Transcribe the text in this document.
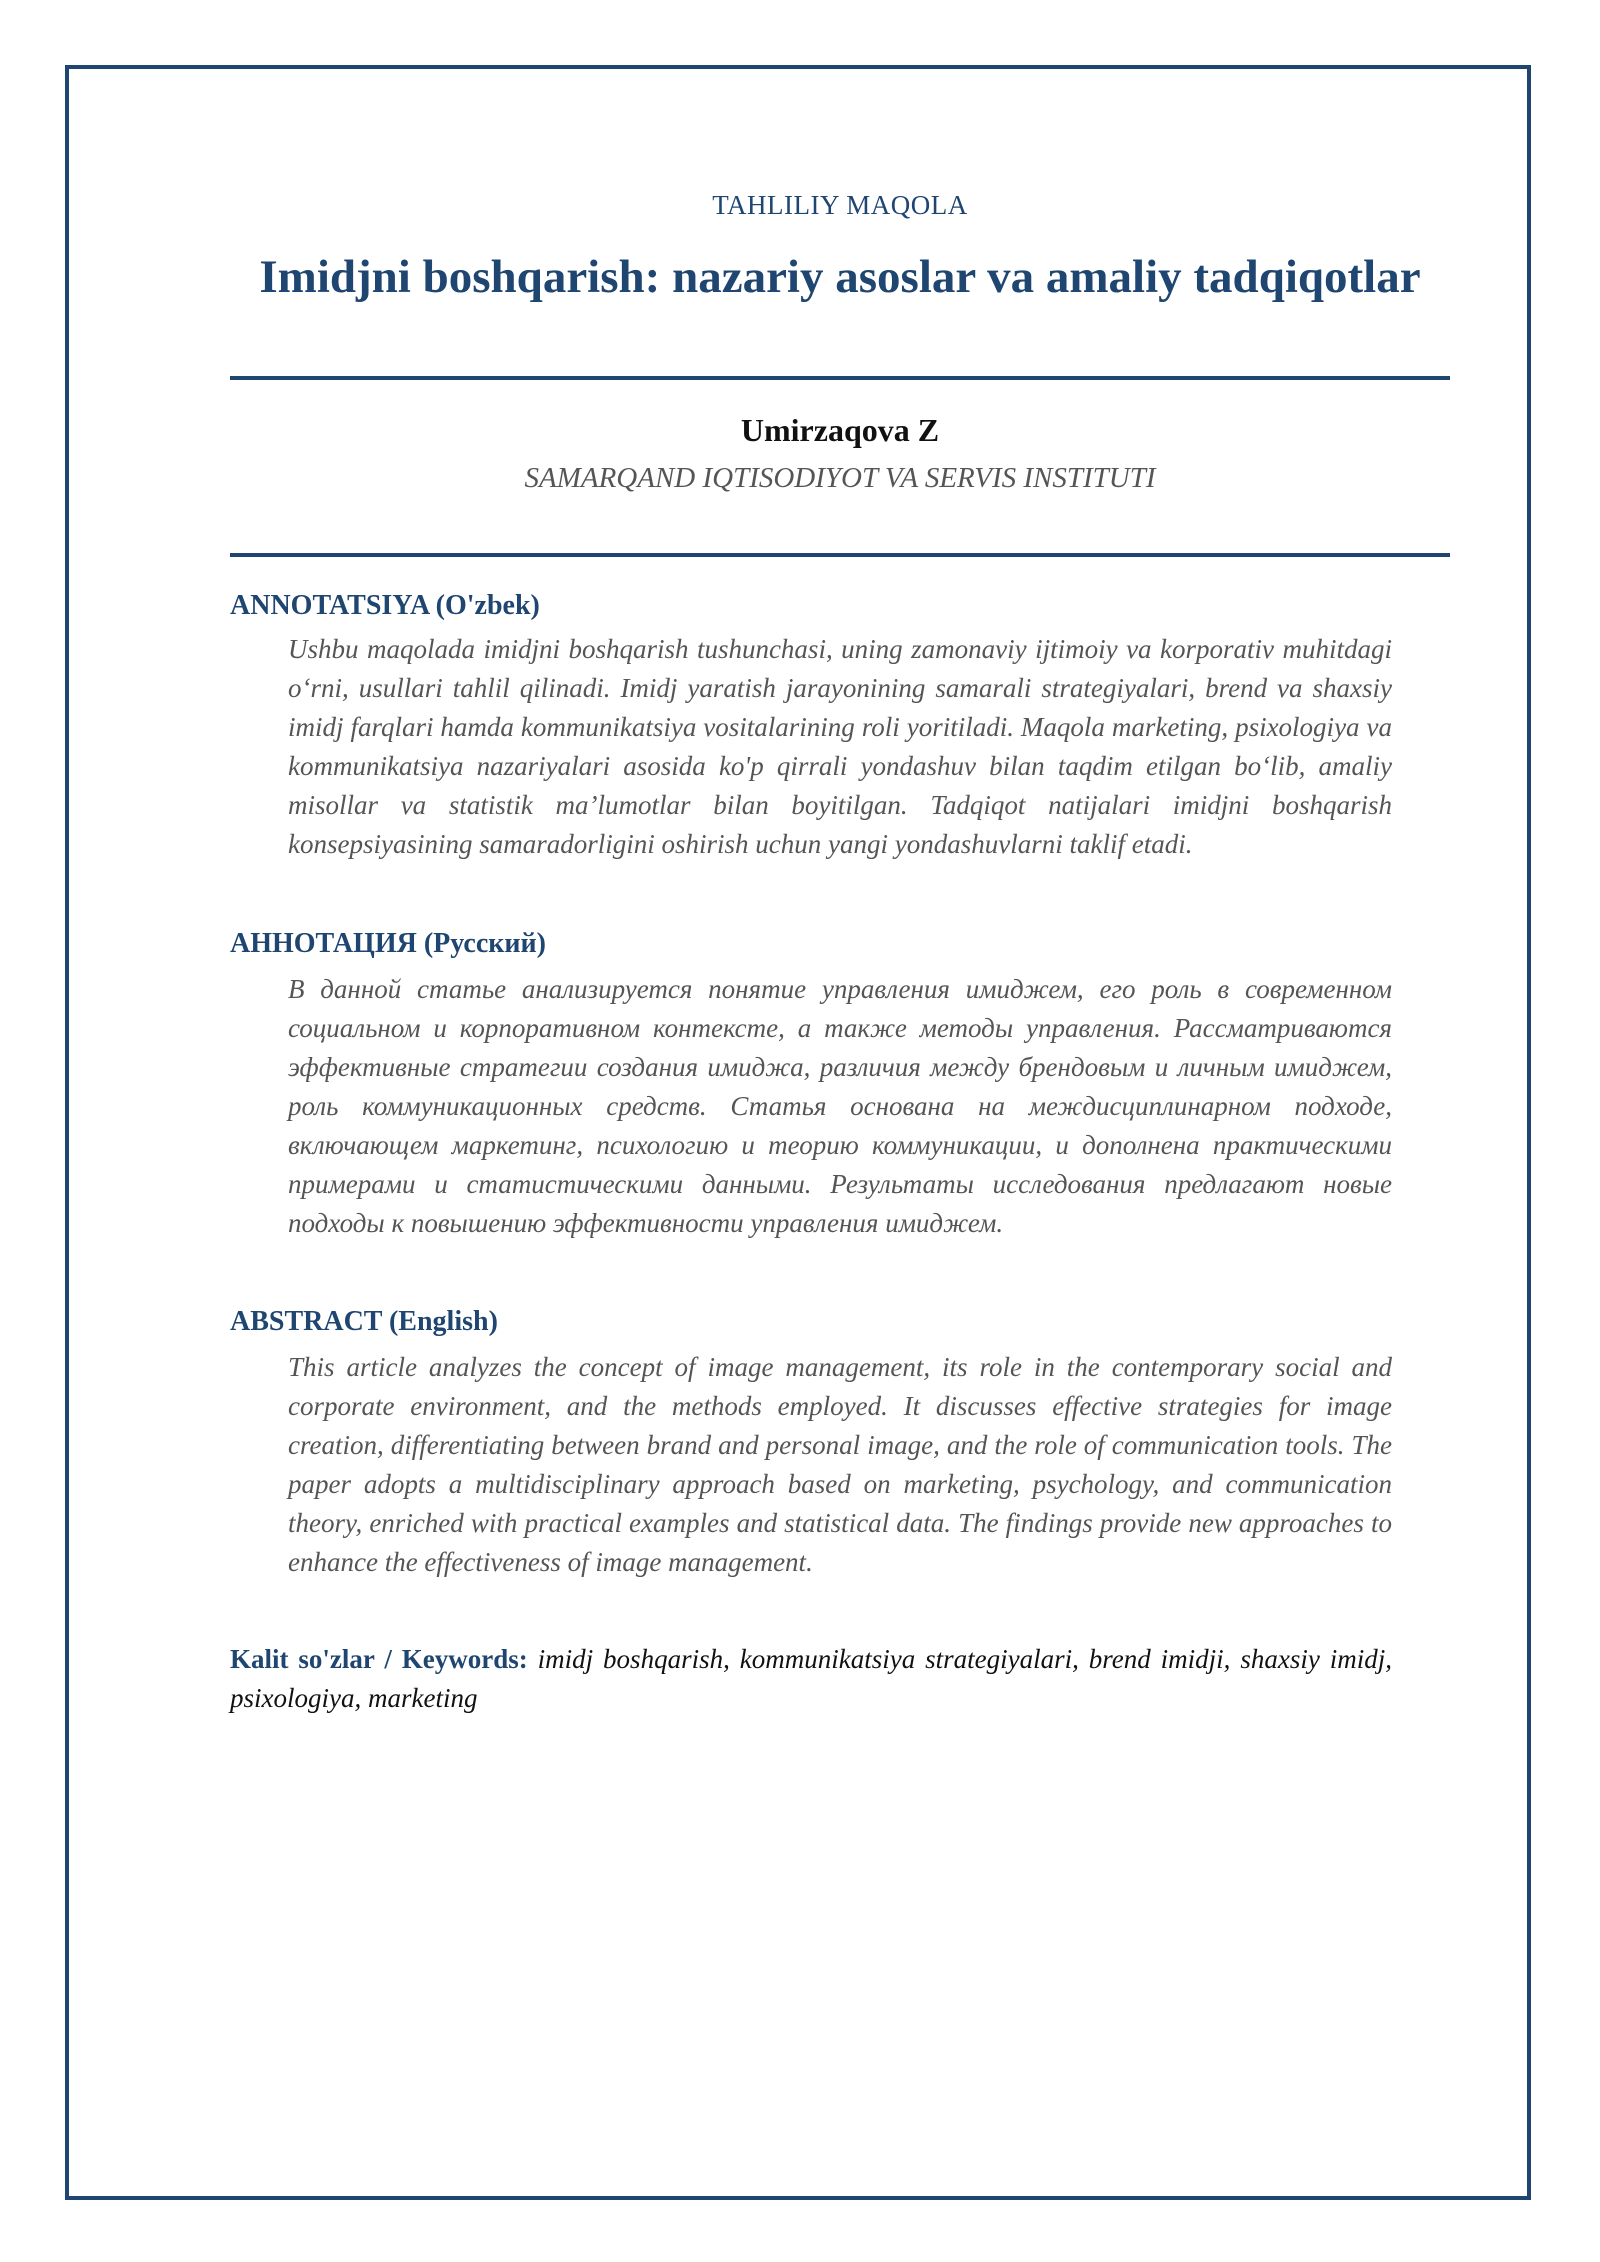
TAHLILIY MAQOLA
Imidjni boshqarish: nazariy asoslar va amaliy tadqiqotlar
Umirzaqova Z
SAMARQAND IQTISODIYOT VA SERVIS INSTITUTI
ANNOTATSIYA (O'zbek)

Ushbu maqolada imidjni boshqarish tushunchasi, uning zamonaviy ijtimoiy va korporativ muhitdagi o‘rni, usullari tahlil qilinadi. Imidj yaratish jarayonining samarali strategiyalari, brend va shaxsiy imidj farqlari hamda kommunikatsiya vositalarining roli yoritiladi. Maqola marketing, psixologiya va kommunikatsiya nazariyalari asosida ko'p qirrali yondashuv bilan taqdim etilgan bo‘lib, amaliy misollar va statistik ma’lumotlar bilan boyitilgan. Tadqiqot natijalari imidjni boshqarish konsepsiyasining samaradorligini oshirish uchun yangi yondashuvlarni taklif etadi.

АННОТАЦИЯ (Русский)

В данной статье анализируется понятие управления имиджем, его роль в современном социальном и корпоративном контексте, а также методы управления. Рассматриваются эффективные стратегии создания имиджа, различия между брендовым и личным имиджем, роль коммуникационных средств. Статья основана на междисциплинарном подходе, включающем маркетинг, психологию и теорию коммуникации, и дополнена практическими примерами и статистическими данными. Результаты исследования предлагают новые подходы к повышению эффективности управления имиджем.

ABSTRACT (English)

This article analyzes the concept of image management, its role in the contemporary social and corporate environment, and the methods employed. It discusses effective strategies for image creation, differentiating between brand and personal image, and the role of communication tools. The paper adopts a multidisciplinary approach based on marketing, psychology, and communication theory, enriched with practical examples and statistical data. The findings provide new approaches to enhance the effectiveness of image management.

Kalit so'zlar / Keywords: imidj boshqarish, kommunikatsiya strategiyalari, brend imidji, shaxsiy imidj, psixologiya, marketing
